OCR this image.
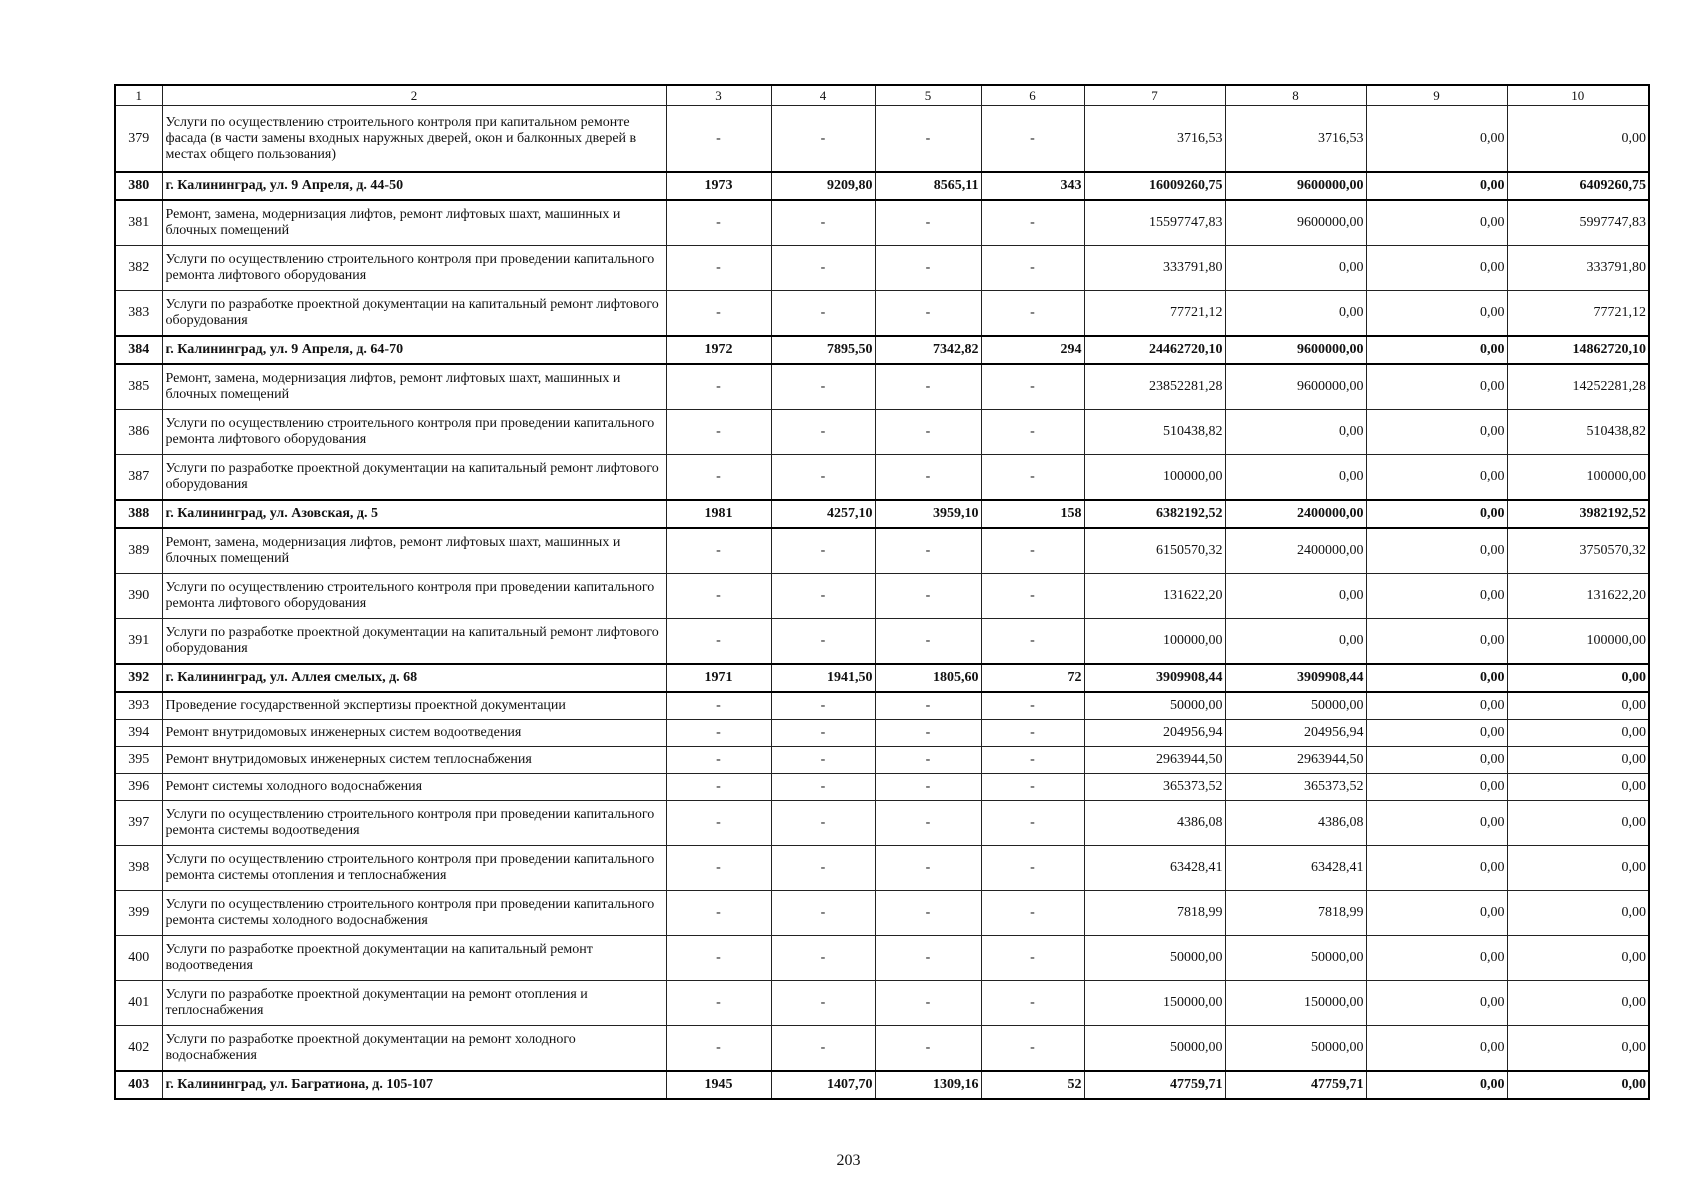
1	2	3	4	5	6	7	8	9	10
379	Услуги по осуществлению строительного контроля при капитальном ремонте фасада (в части замены входных наружных дверей, окон и балконных дверей в местах общего пользования)	-	-	-	-	3716,53	3716,53	0,00	0,00
380	г. Калининград, ул. 9 Апреля, д. 44-50	1973	9209,80	8565,11	343	16009260,75	9600000,00	0,00	6409260,75
381	Ремонт, замена, модернизация лифтов, ремонт лифтовых шахт, машинных и блочных помещений	-	-	-	-	15597747,83	9600000,00	0,00	5997747,83
382	Услуги по осуществлению строительного контроля при проведении капитального ремонта лифтового оборудования	-	-	-	-	333791,80	0,00	0,00	333791,80
383	Услуги по разработке проектной документации на капитальный ремонт лифтового оборудования	-	-	-	-	77721,12	0,00	0,00	77721,12
384	г. Калининград, ул. 9 Апреля, д. 64-70	1972	7895,50	7342,82	294	24462720,10	9600000,00	0,00	14862720,10
385	Ремонт, замена, модернизация лифтов, ремонт лифтовых шахт, машинных и блочных помещений	-	-	-	-	23852281,28	9600000,00	0,00	14252281,28
386	Услуги по осуществлению строительного контроля при проведении капитального ремонта лифтового оборудования	-	-	-	-	510438,82	0,00	0,00	510438,82
387	Услуги по разработке проектной документации на капитальный ремонт лифтового оборудования	-	-	-	-	100000,00	0,00	0,00	100000,00
388	г. Калининград, ул. Азовская, д. 5	1981	4257,10	3959,10	158	6382192,52	2400000,00	0,00	3982192,52
389	Ремонт, замена, модернизация лифтов, ремонт лифтовых шахт, машинных и блочных помещений	-	-	-	-	6150570,32	2400000,00	0,00	3750570,32
390	Услуги по осуществлению строительного контроля при проведении капитального ремонта лифтового оборудования	-	-	-	-	131622,20	0,00	0,00	131622,20
391	Услуги по разработке проектной документации на капитальный ремонт лифтового оборудования	-	-	-	-	100000,00	0,00	0,00	100000,00
392	г. Калининград, ул. Аллея смелых, д. 68	1971	1941,50	1805,60	72	3909908,44	3909908,44	0,00	0,00
393	Проведение государственной экспертизы проектной документации	-	-	-	-	50000,00	50000,00	0,00	0,00
394	Ремонт внутридомовых инженерных систем водоотведения	-	-	-	-	204956,94	204956,94	0,00	0,00
395	Ремонт внутридомовых инженерных систем теплоснабжения	-	-	-	-	2963944,50	2963944,50	0,00	0,00
396	Ремонт системы холодного водоснабжения	-	-	-	-	365373,52	365373,52	0,00	0,00
397	Услуги по осуществлению строительного контроля при проведении капитального ремонта системы водоотведения	-	-	-	-	4386,08	4386,08	0,00	0,00
398	Услуги по осуществлению строительного контроля при проведении капитального ремонта системы отопления и теплоснабжения	-	-	-	-	63428,41	63428,41	0,00	0,00
399	Услуги по осуществлению строительного контроля при проведении капитального ремонта системы холодного водоснабжения	-	-	-	-	7818,99	7818,99	0,00	0,00
400	Услуги по разработке проектной документации на капитальный ремонт водоотведения	-	-	-	-	50000,00	50000,00	0,00	0,00
401	Услуги по разработке проектной документации на ремонт отопления и теплоснабжения	-	-	-	-	150000,00	150000,00	0,00	0,00
402	Услуги по разработке проектной документации на ремонт холодного водоснабжения	-	-	-	-	50000,00	50000,00	0,00	0,00
403	г. Калининград, ул. Багратиона, д. 105-107	1945	1407,70	1309,16	52	47759,71	47759,71	0,00	0,00
203
